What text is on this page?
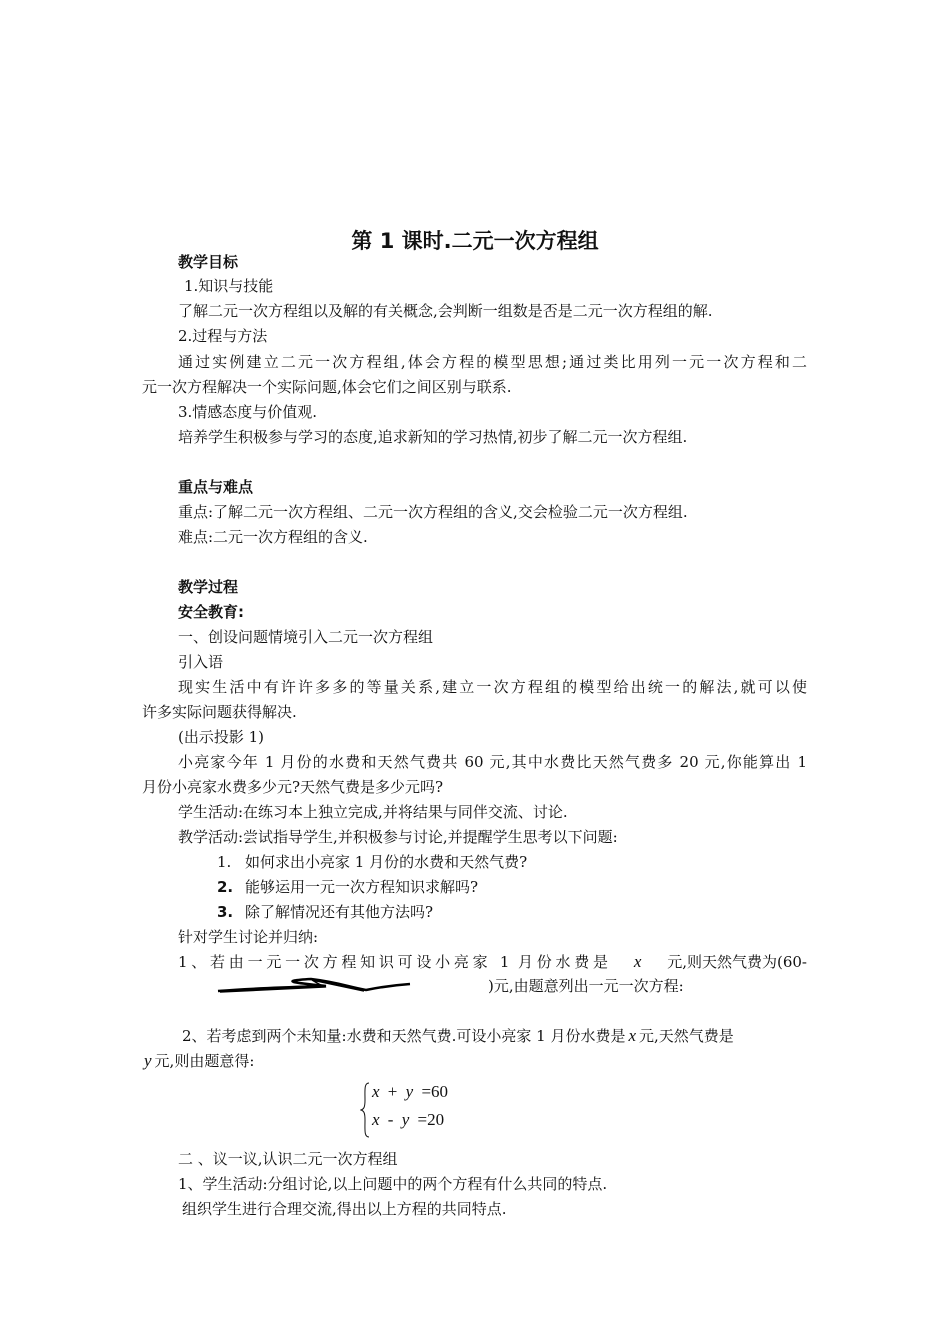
第 1 课时.二元一次方程组
教学目标
1.知识与技能
了解二元一次方程组以及解的有关概念,会判断一组数是否是二元一次方程组的解.
2.过程与方法
通过实例建立二元一次方程组,体会方程的模型思想;通过类比用列一元一次方程和二
元一次方程解决一个实际问题,体会它们之间区别与联系.
3.情感态度与价值观.
培养学生积极参与学习的态度,追求新知的学习热情,初步了解二元一次方程组.
重点与难点
重点:了解二元一次方程组、二元一次方程组的含义,交会检验二元一次方程组.
难点:二元一次方程组的含义.
教学过程
安全教育:
一、创设问题情境引入二元一次方程组
引入语
现实生活中有许许多多的等量关系,建立一次方程组的模型给出统一的解法,就可以使
许多实际问题获得解决.
(出示投影 1)
小亮家今年 1 月份的水费和天然气费共 60 元,其中水费比天然气费多 20 元,你能算出 1
月份小亮家水费多少元?天然气费是多少元吗?
学生活动:在练习本上独立完成,并将结果与同伴交流、讨论.
教学活动:尝试指导学生,并积极参与讨论,并提醒学生思考以下问题:
1. 如何求出小亮家 1 月份的水费和天然气费?
2. 能够运用一元一次方程知识求解吗?
3. 除了解情况还有其他方法吗?
针对学生讨论并归纳:
1、若由一元一次方程知识可设小亮家 1 月份水费是 x 元,则天然气费为(60-
)元,由题意列出一元一次方程:
2、若考虑到两个未知量:水费和天然气费.可设小亮家 1 月份水费是 x 元,天然气费是
y 元,则由题意得:
x + y =60
x - y =20
二 、议一议,认识二元一次方程组
1、学生活动:分组讨论,以上问题中的两个方程有什么共同的特点.
组织学生进行合理交流,得出以上方程的共同特点.
